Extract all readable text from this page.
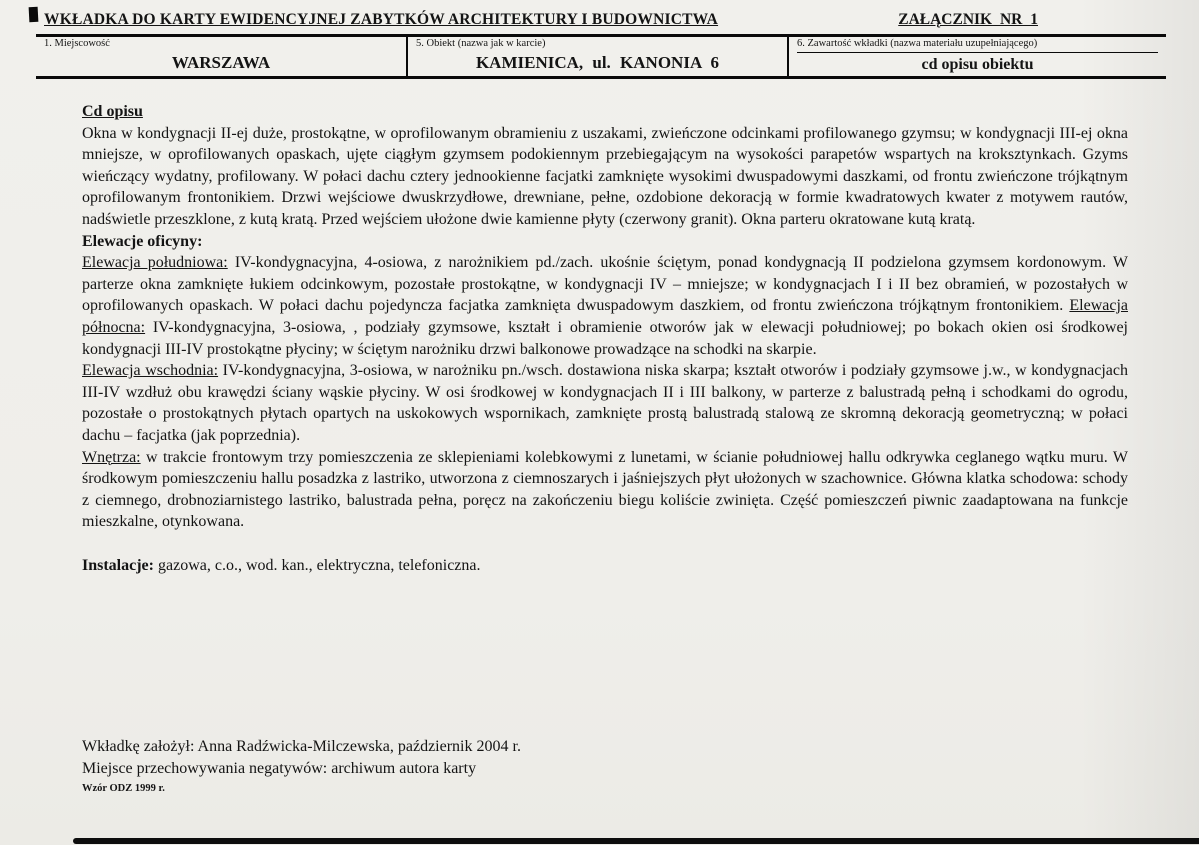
WKŁADKA DO KARTY EWIDENCYJNEJ ZABYTKÓW ARCHITEKTURY I BUDOWNICTWA	ZAŁĄCZNIK NR 1
1. Miejscowość
WARSZAWA
5. Obiekt (nazwa jak w karcie)
KAMIENICA, ul. KANONIA 6
6. Zawartość wkładki (nazwa materiału uzupełniającego)
cd opisu obiektu

Cd opisu

Okna w kondygnacji II-ej duże, prostokątne, w oprofilowanym obramieniu z uszakami, zwieńczone odcinkami profilowanego gzymsu; w kondygnacji III-ej okna mniejsze, w oprofilowanych opaskach, ujęte ciągłym gzymsem podokiennym przebiegającym na wysokości parapetów wspartych na kroksztynkach. Gzyms wieńczący wydatny, profilowany. W połaci dachu cztery jednookienne facjatki zamknięte wysokimi dwuspadowymi daszkami, od frontu zwieńczone trójkątnym oprofilowanym frontonikiem. Drzwi wejściowe dwuskrzydłowe, drewniane, pełne, ozdobione dekoracją w formie kwadratowych kwater z motywem rautów, nadświetle przeszklone, z kutą kratą. Przed wejściem ułożone dwie kamienne płyty (czerwony granit). Okna parteru okratowane kutą kratą.

Elewacje oficyny:

Elewacja południowa: IV-kondygnacyjna, 4-osiowa, z narożnikiem pd./zach. ukośnie ściętym, ponad kondygnacją II podzielona gzymsem kordonowym. W parterze okna zamknięte łukiem odcinkowym, pozostałe prostokątne, w kondygnacji IV – mniejsze; w kondygnacjach I i II bez obramień, w pozostałych w oprofilowanych opaskach. W połaci dachu pojedyncza facjatka zamknięta dwuspadowym daszkiem, od frontu zwieńczona trójkątnym frontonikiem. Elewacja północna: IV-kondygnacyjna, 3-osiowa, , podziały gzymsowe, kształt i obramienie otworów jak w elewacji południowej; po bokach okien osi środkowej kondygnacji III-IV prostokątne płyciny; w ściętym narożniku drzwi balkonowe prowadzące na schodki na skarpie.

Elewacja wschodnia: IV-kondygnacyjna, 3-osiowa, w narożniku pn./wsch. dostawiona niska skarpa; kształt otworów i podziały gzymsowe j.w., w kondygnacjach III-IV wzdłuż obu krawędzi ściany wąskie płyciny. W osi środkowej w kondygnacjach II i III balkony, w parterze z balustradą pełną i schodkami do ogrodu, pozostałe o prostokątnych płytach opartych na uskokowych wspornikach, zamknięte prostą balustradą stalową ze skromną dekoracją geometryczną; w połaci dachu – facjatka (jak poprzednia).

Wnętrza: w trakcie frontowym trzy pomieszczenia ze sklepieniami kolebkowymi z lunetami, w ścianie południowej hallu odkrywka ceglanego wątku muru. W środkowym pomieszczeniu hallu posadzka z lastriko, utworzona z ciemnoszarych i jaśniejszych płyt ułożonych w szachownice. Główna klatka schodowa: schody z ciemnego, drobnoziarnistego lastriko, balustrada pełna, poręcz na zakończeniu biegu koliście zwinięta. Część pomieszczeń piwnic zaadaptowana na funkcje mieszkalne, otynkowana.

Instalacje: gazowa, c.o., wod. kan., elektryczna, telefoniczna.

Wkładkę założył: Anna Radźwicka-Milczewska, październik 2004 r.
Miejsce przechowywania negatywów: archiwum autora karty
Wzór ODZ 1999 r.
